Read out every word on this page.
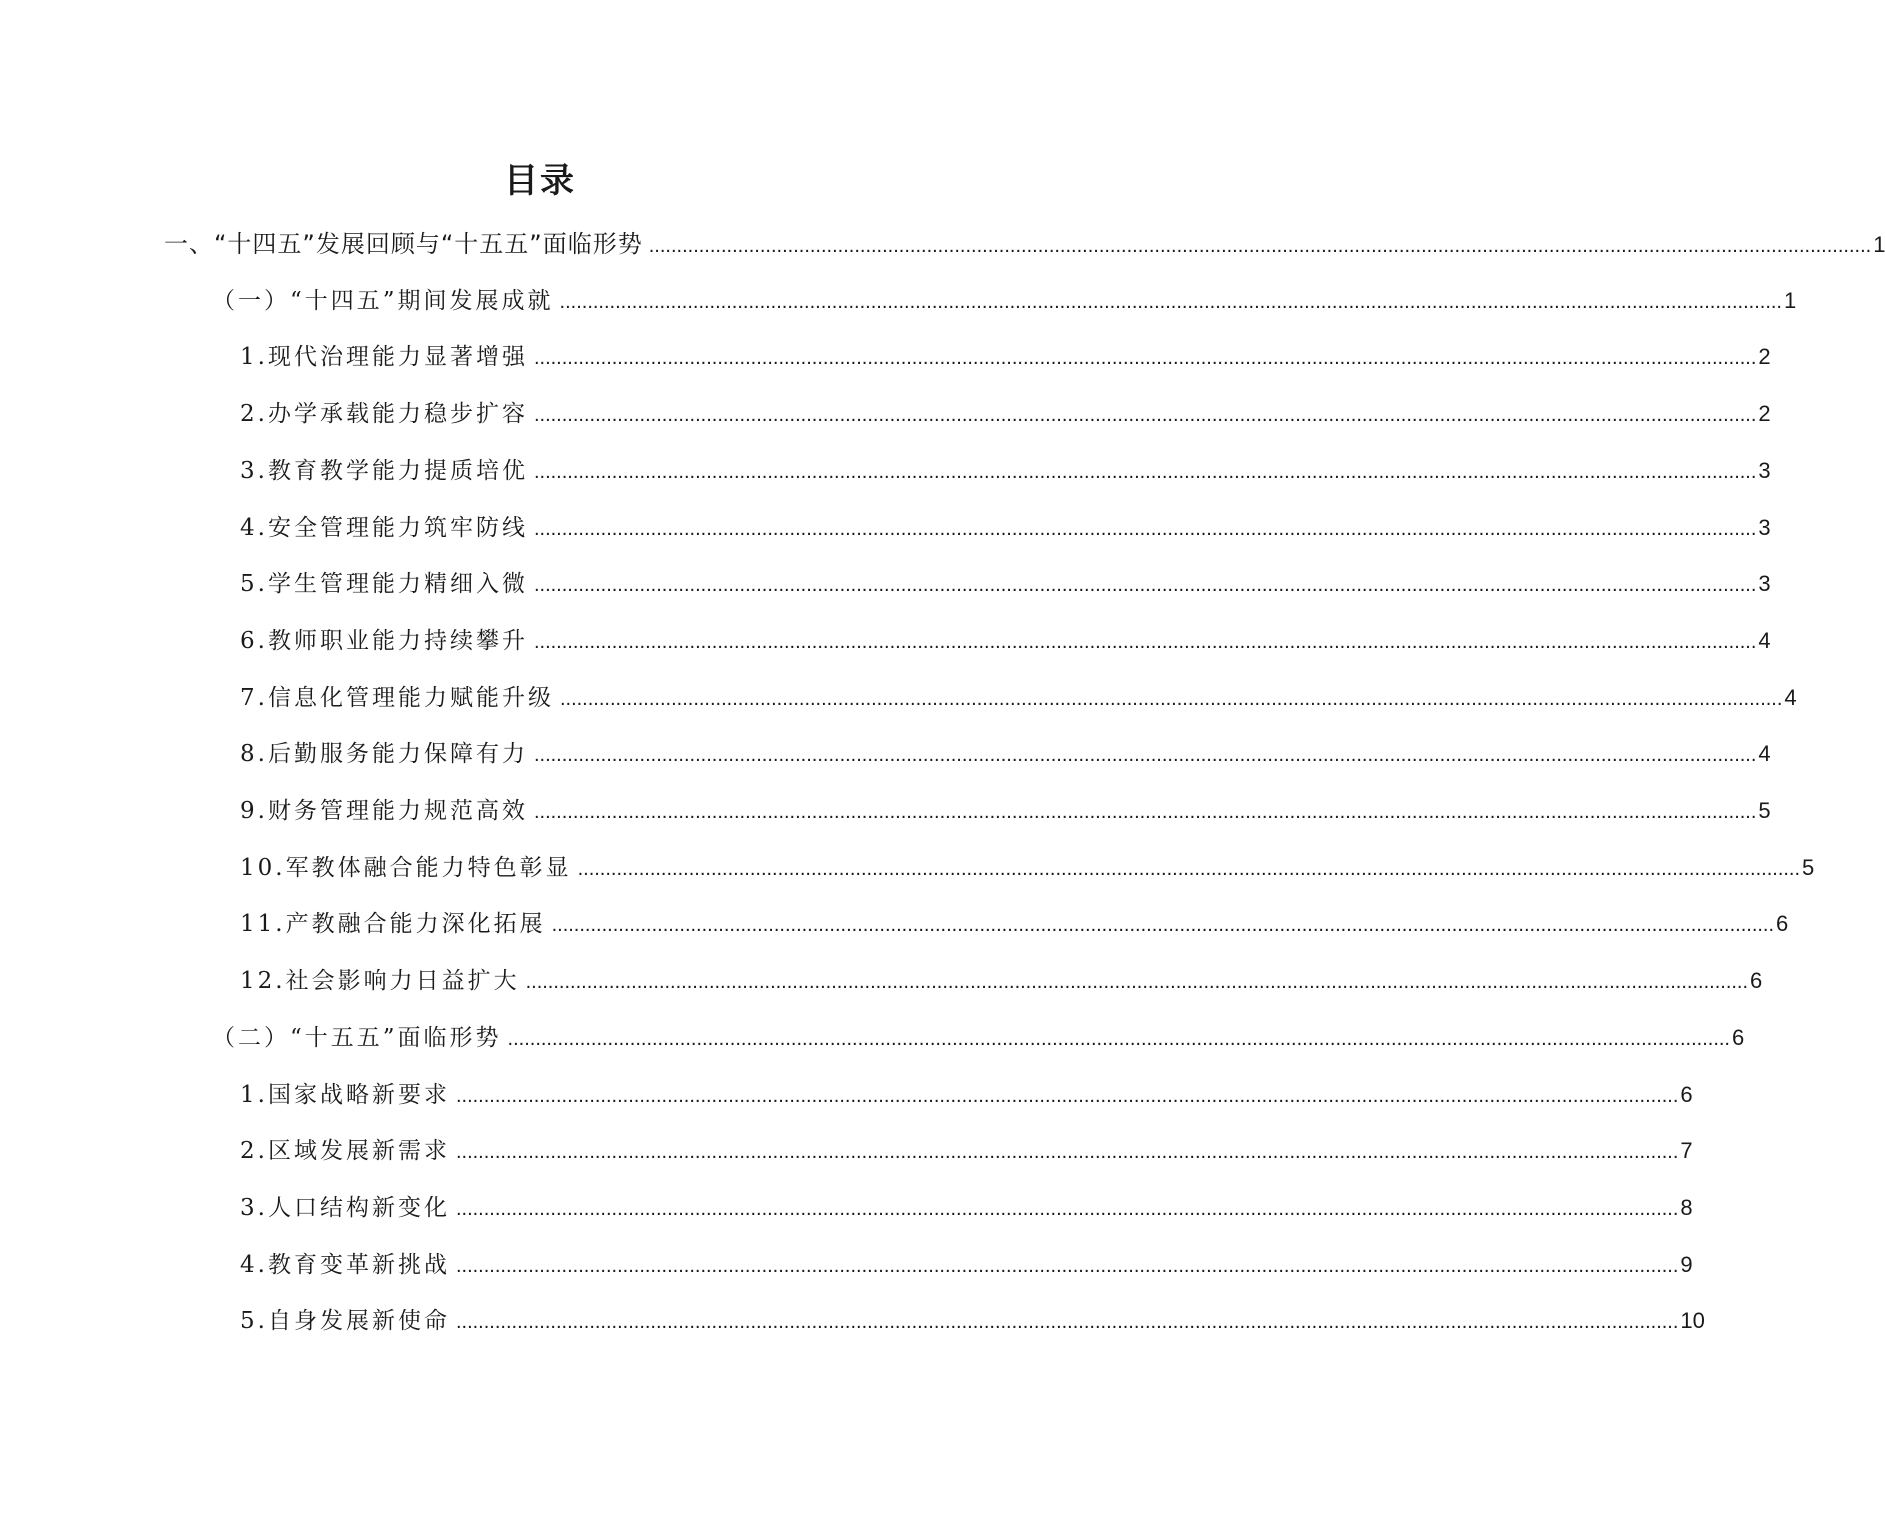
目录
一、“十四五”发展回顾与“十五五”面临形势 ............................................................................................................................................................................................................................ 1
（一）“十四五”期间发展成就 ............................................................................................................................................................................................................................ 1
1.现代治理能力显著增强 ............................................................................................................................................................................................................................ 2
2.办学承载能力稳步扩容 ............................................................................................................................................................................................................................ 2
3.教育教学能力提质培优 ............................................................................................................................................................................................................................ 3
4.安全管理能力筑牢防线 ............................................................................................................................................................................................................................ 3
5.学生管理能力精细入微 ............................................................................................................................................................................................................................ 3
6.教师职业能力持续攀升 ............................................................................................................................................................................................................................ 4
7.信息化管理能力赋能升级 ............................................................................................................................................................................................................................ 4
8.后勤服务能力保障有力 ............................................................................................................................................................................................................................ 4
9.财务管理能力规范高效 ............................................................................................................................................................................................................................ 5
10.军教体融合能力特色彰显 ............................................................................................................................................................................................................................ 5
11.产教融合能力深化拓展 ............................................................................................................................................................................................................................ 6
12.社会影响力日益扩大 ............................................................................................................................................................................................................................ 6
（二）“十五五”面临形势 ............................................................................................................................................................................................................................ 6
1.国家战略新要求 ............................................................................................................................................................................................................................ 6
2.区域发展新需求 ............................................................................................................................................................................................................................ 7
3.人口结构新变化 ............................................................................................................................................................................................................................ 8
4.教育变革新挑战 ............................................................................................................................................................................................................................ 9
5.自身发展新使命 ............................................................................................................................................................................................................................ 10
